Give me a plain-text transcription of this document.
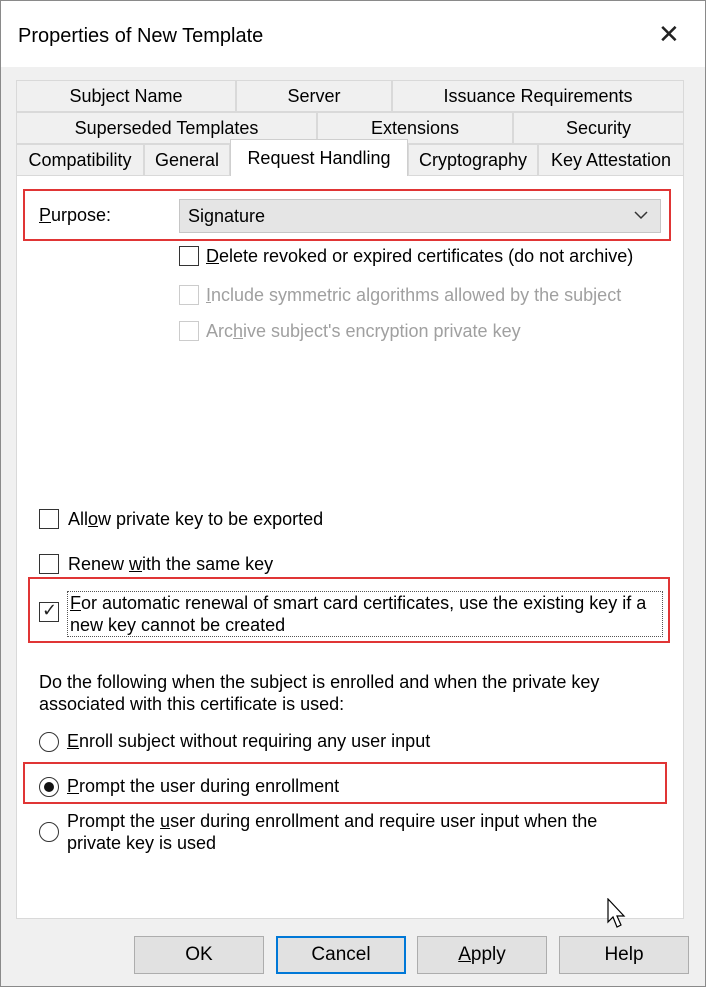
Properties of New Template	✕
Subject Name	Server	Issuance Requirements
Superseded Templates	Extensions	Security
Compatibility	General	Request Handling	Cryptography	Key Attestation
Purpose:	Signature
Delete revoked or expired certificates (do not archive)
Include symmetric algorithms allowed by the subject
Archive subject's encryption private key
Allow private key to be exported
Renew with the same key
✓ For automatic renewal of smart card certificates, use the existing key if a
new key cannot be created
Do the following when the subject is enrolled and when the private key
associated with this certificate is used:
Enroll subject without requiring any user input
Prompt the user during enrollment
Prompt the user during enrollment and require user input when the
private key is used
OK	Cancel	A pply	Help
